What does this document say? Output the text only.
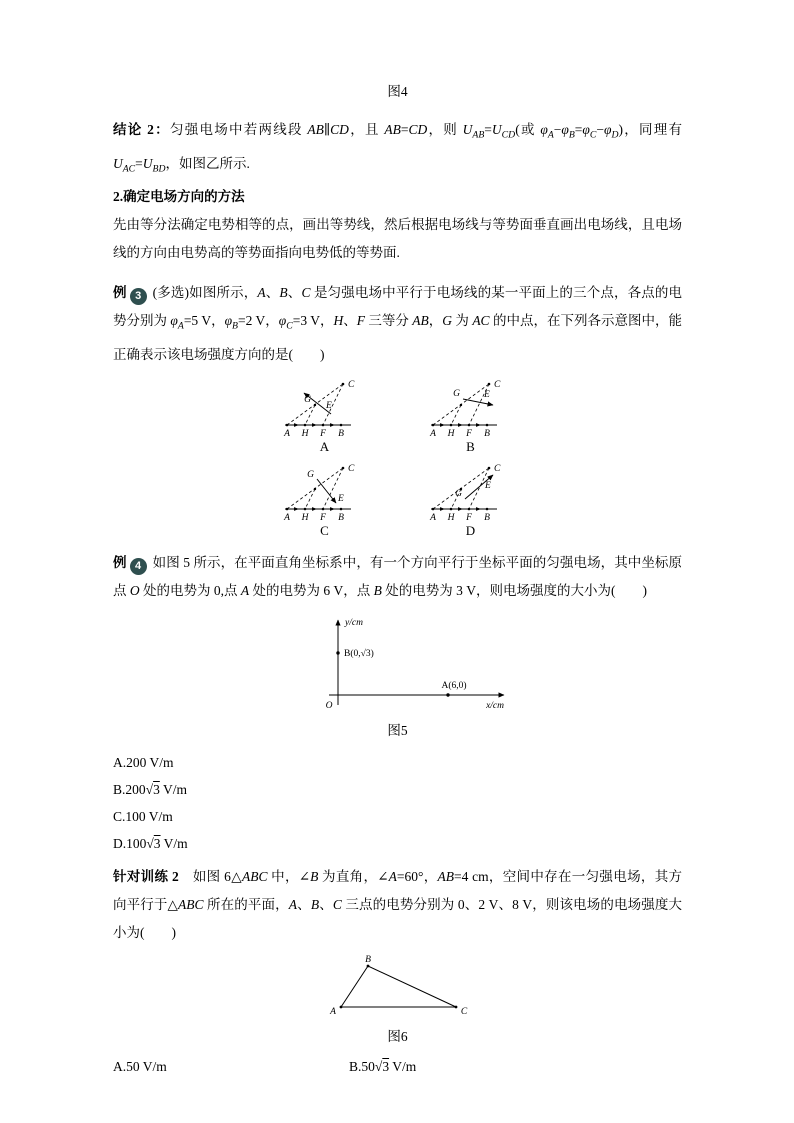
图4

结论 2：匀强电场中若两线段 AB∥CD，且 AB=CD，则 $U_{AB}=U_{CD}$(或 $\varphi_A-\varphi_B=\varphi_C-\varphi_D$)，同理有 $U_{AC}=U_{BD}$，如图乙所示.

2.确定电场方向的方法

先由等分法确定电势相等的点，画出等势线，然后根据电场线与等势面垂直画出电场线，且电场线的方向由电势高的等势面指向电势低的等势面.

例 3 (多选)如图所示，A、B、C 是匀强电场中平行于电场线的某一平面上的三个点，各点的电势分别为 $\varphi_A=5$ V，$\varphi_B=2$ V，$\varphi_C=3$ V，H、F 三等分 AB，G 为 AC 的中点，在下列各示意图中，能正确表示该电场强度方向的是(　　)

A H F B
C
G
E
A
A H F B
C
G	E
B
A H F B
C
G
E
C
A H F B
C
G
E
D

例 4 如图 5 所示，在平面直角坐标系中，有一个方向平行于坐标平面的匀强电场，其中坐标原点 O 处的电势为 0,点 A 处的电势为 6 V，点 B 处的电势为 3 V，则电场强度的大小为(　　)

y/cm
x/cm
O
B(0,√3)
A(6,0)

图5

A.200 V/m

B.200√3 V/m

C.100 V/m

D.100√3 V/m

针对训练 2　如图 6△ABC 中，∠B 为直角，∠A=60°，AB=4 cm，空间中存在一匀强电场，其方向平行于△ABC 所在的平面，A、B、C 三点的电势分别为 0、2 V、8 V，则该电场的电场强度大小为(　　)

B
A	C

图6

A.50 V/m	B.50√3 V/m
